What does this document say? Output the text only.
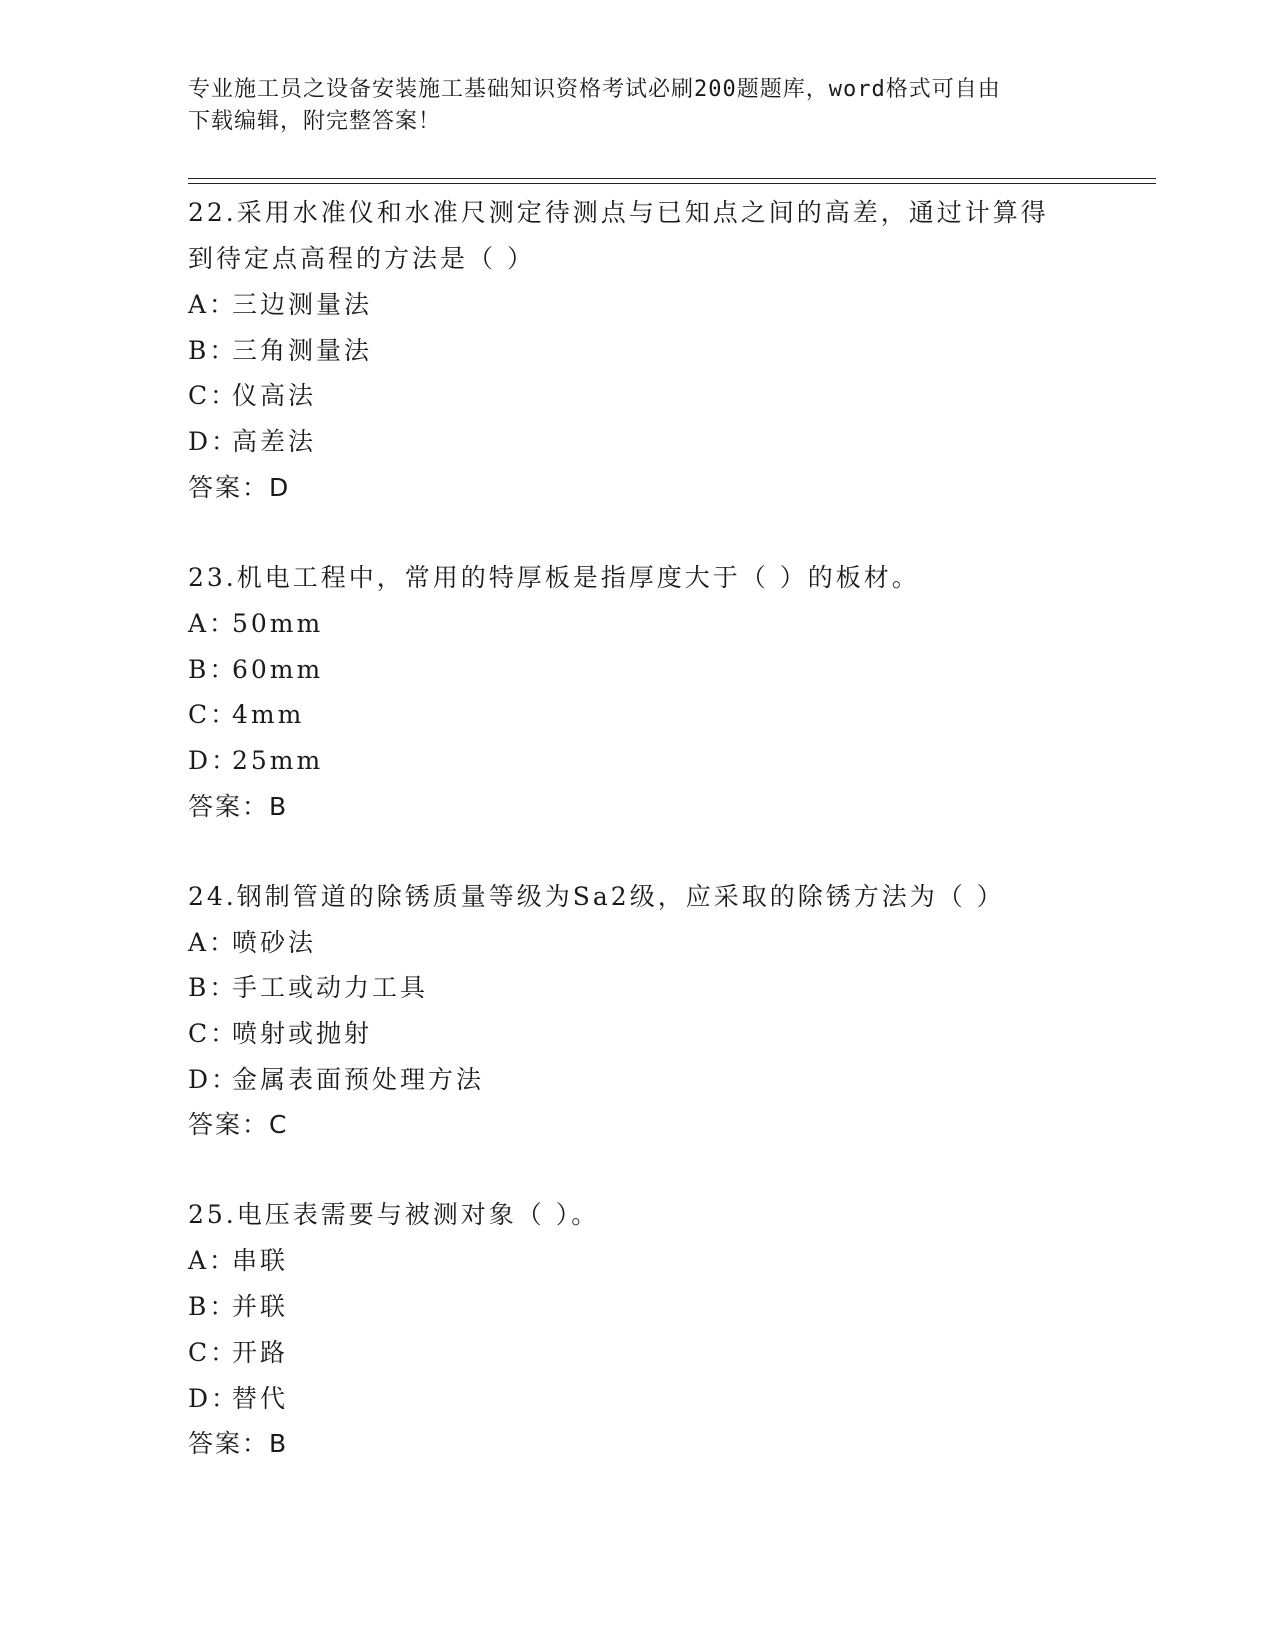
专业施工员之设备安装施工基础知识资格考试必刷200题题库，word格式可自由
下载编辑，附完整答案！
22.采用水准仪和水准尺测定待测点与已知点之间的高差，通过计算得
到待定点高程的方法是（ ）
A：
三边测量法
B：
三角测量法
C：
仪高法
D：
高差法
答案：D
23.机电工程中，常用的特厚板是指厚度大于（ ）的板材。
A：
50mm
B：
60mm
C：
4mm
D：
25mm
答案：B
24.钢制管道的除锈质量等级为Sa2级，应采取的除锈方法为（ ）
A：
喷砂法
B：
手工或动力工具
C：
喷射或抛射
D：
金属表面预处理方法
答案：C
25.电压表需要与被测对象（ ）。
A：
串联
B：
并联
C：
开路
D：
替代
答案：B
